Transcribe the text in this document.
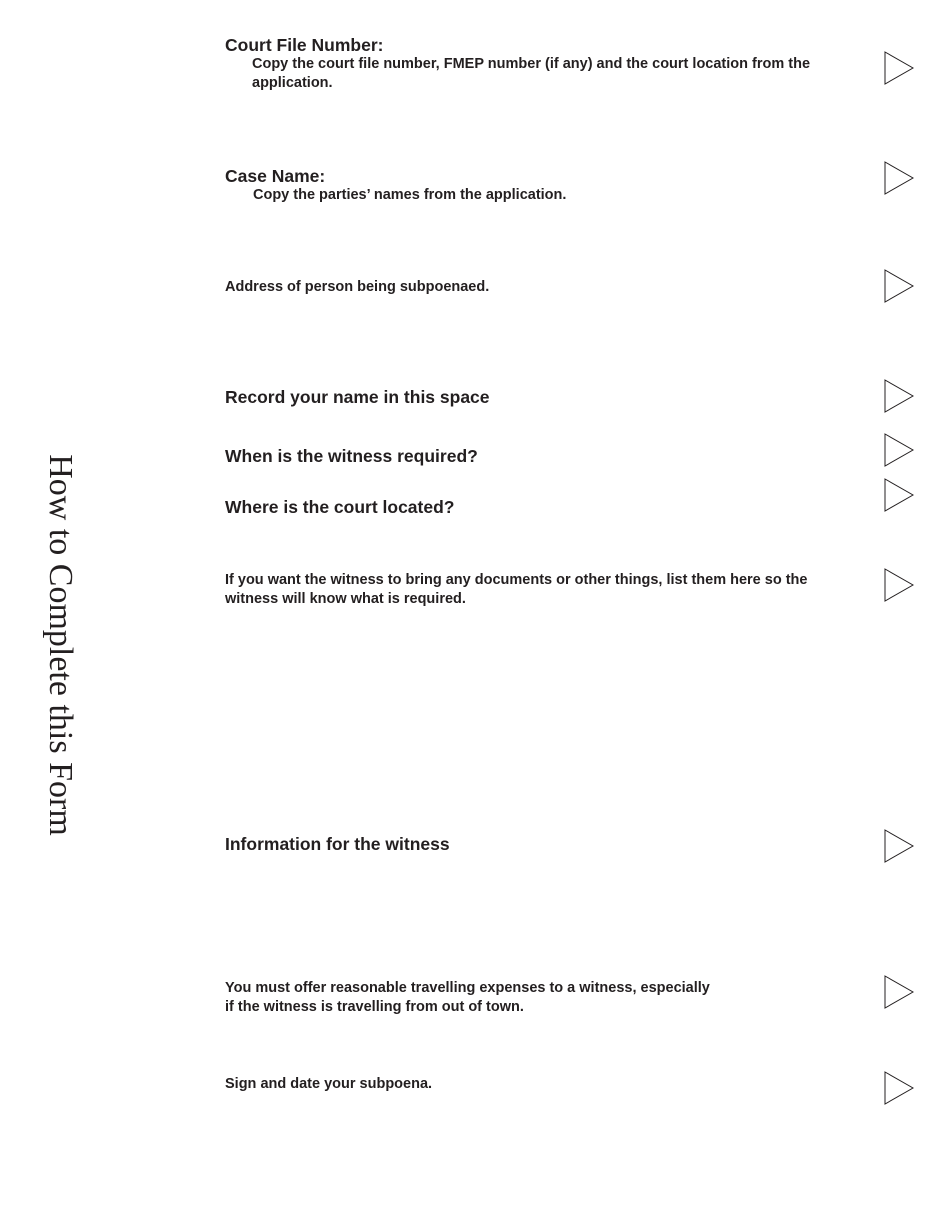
How to Complete this Form
Court File Number:
Copy the court file number, FMEP number (if any) and the court location from the application.
Case Name:
Copy the parties’ names from the application.
Address of person being subpoenaed.
Record your name in this space
When is the witness required?
Where is the court located?
If you want the witness to bring any documents or other things, list them here so the witness will know what is required.
Information for the witness
You must offer reasonable travelling expenses to a witness, especially
if the witness is travelling from out of town.
Sign and date your subpoena.
